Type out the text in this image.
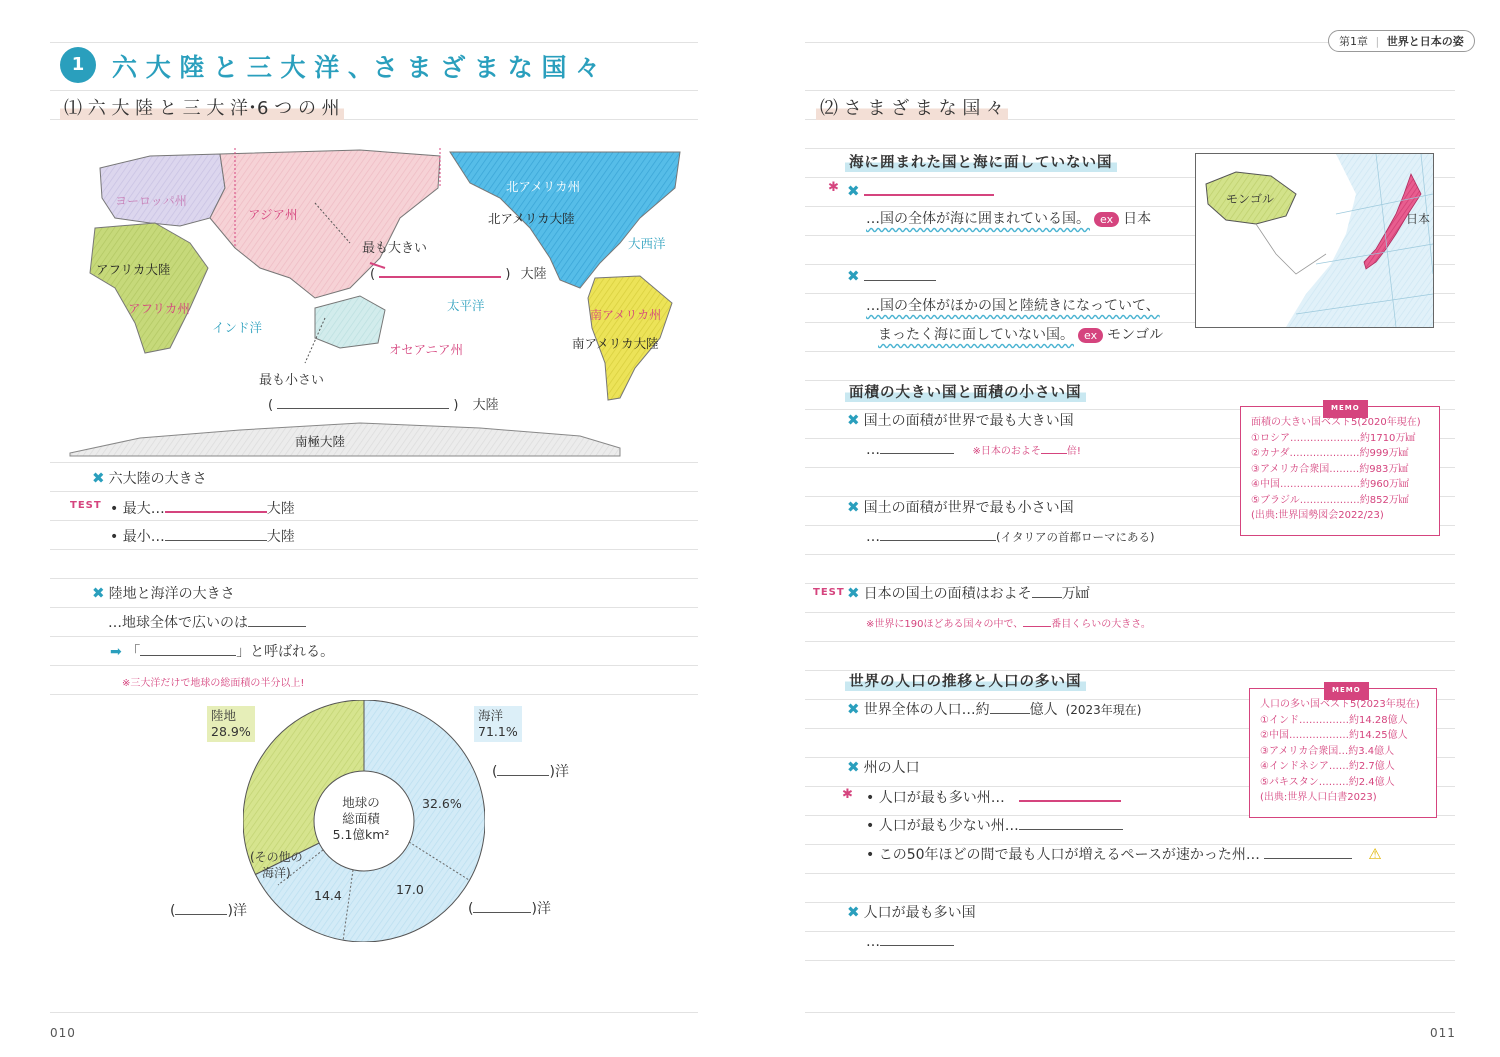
1	六 大 陸 と 三 大 洋 、さ ま ざ ま な 国 々
⑴ 六 大 陸 と 三 大 洋･6 つ の 州
ヨーロッパ州
アジア州
北アメリカ州
北アメリカ大陸
大西洋
アフリカ大陸
アフリカ州
インド洋
太平洋
南アメリカ州
南アメリカ大陸
オセアニア州
南極大陸
最も大きい
(	) 大陸
最も小さい
(	) 大陸
✖ 六大陸の大きさ
TEST • 最大…	大陸
• 最小…	大陸
✖ 陸地と海洋の大きさ
…地球全体で広いのは
➡ 「	」と呼ばれる。
※三大洋だけで地球の総面積の半分以上!
陸地
28.9%
海洋
71.1%
地球の
総面積
5.1億km²
32.6%
17.0
14.4
(その他の
海洋)
(	)洋
(	)洋
(	)洋
010
第1章 | 世界と日本の姿
⑵ さ ま ざ ま な 国 々
海に囲まれた国と海に面していない国
✱ ✖
…国の全体が海に囲まれている国。 ex 日本
✖
…国の全体がほかの国と陸続きになっていて、
まったく海に面していない国。 ex モンゴル
モンゴル
日本
面積の大きい国と面積の小さい国
✖ 国土の面積が世界で最も大きい国
…	※日本のおよそ	倍!
✖ 国土の面積が世界で最も小さい国
…	(イタリアの首都ローマにある)
TEST ✖ 日本の国土の面積はおよそ 万㎢
※世界に190ほどある国々の中で、	番目くらいの大きさ。
MEMO
面積の大きい国ベスト5(2020年現在)
①ロシア…………………約1710万㎢
②カナダ…………………約999万㎢
③アメリカ合衆国………約983万㎢
④中国……………………約960万㎢
⑤ブラジル………………約852万㎢
(出典:世界国勢図会2022/23)
世界の人口の推移と人口の多い国
✖ 世界全体の人口…約	億人 (2023年現在)
✖ 州の人口
✱ • 人口が最も多い州…
• 人口が最も少ない州…
• この50年ほどの間で最も人口が増えるペースが速かった州…	⚠
✖ 人口が最も多い国
…
MEMO
人口の多い国ベスト5(2023年現在)
①インド……………約14.28億人
②中国………………約14.25億人
③アメリカ合衆国…約3.4億人
④インドネシア……約2.7億人
⑤パキスタン………約2.4億人
(出典:世界人口白書2023)
011
